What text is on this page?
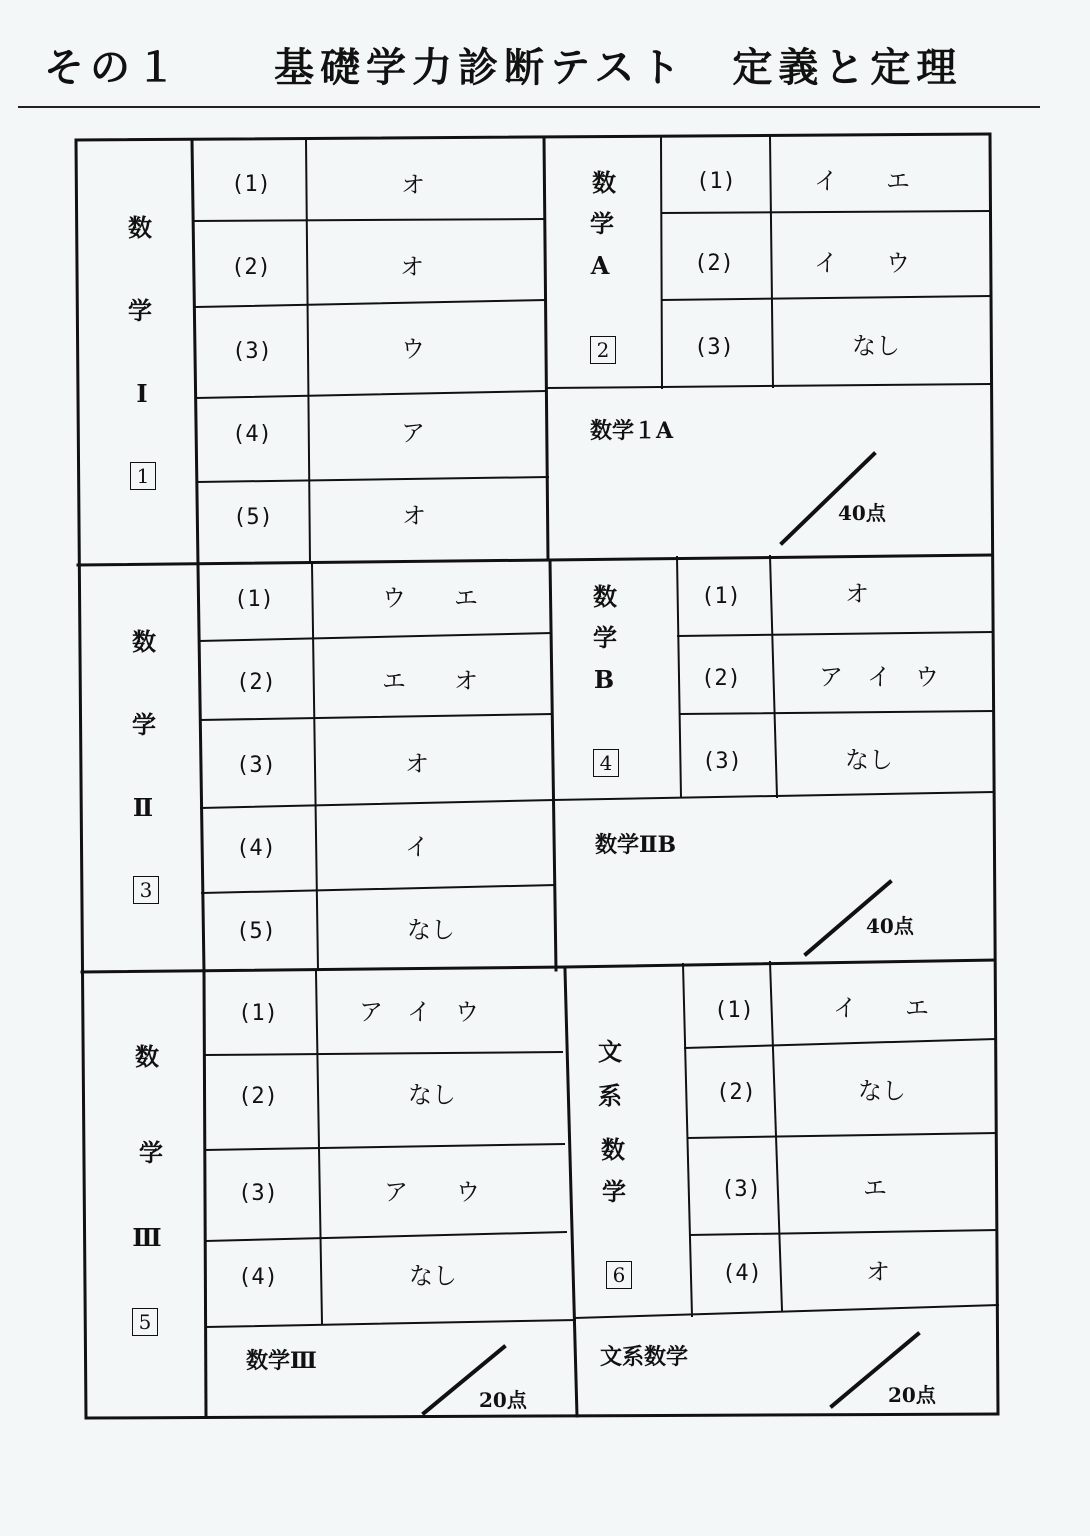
その１　　基礎学力診断テスト　定義と定理
数
学
Ⅰ
1
(1)	オ
(2)	オ
(3)	ウ
(4)	ア
(5)	オ
数
学
A
2
(1)	イ　　エ
(2)	イ　　ウ
(3)	なし
数学１A
40点
数
学
Ⅱ
3
(1)	ウ　　エ
(2)	エ　　オ
(3)	オ
(4)	イ
(5)	なし
数
学
B
4
(1)	オ
(2)	ア　イ　ウ
(3)	なし
数学ⅡB
40点
数
学
Ⅲ
5
(1)	ア　イ　ウ
(2)	なし
(3)	ア　　ウ
(4)	なし
数学Ⅲ
20点
文
系
数
学
6
(1)	イ　　エ
(2)	なし
(3)	エ
(4)	オ
文系数学
20点
